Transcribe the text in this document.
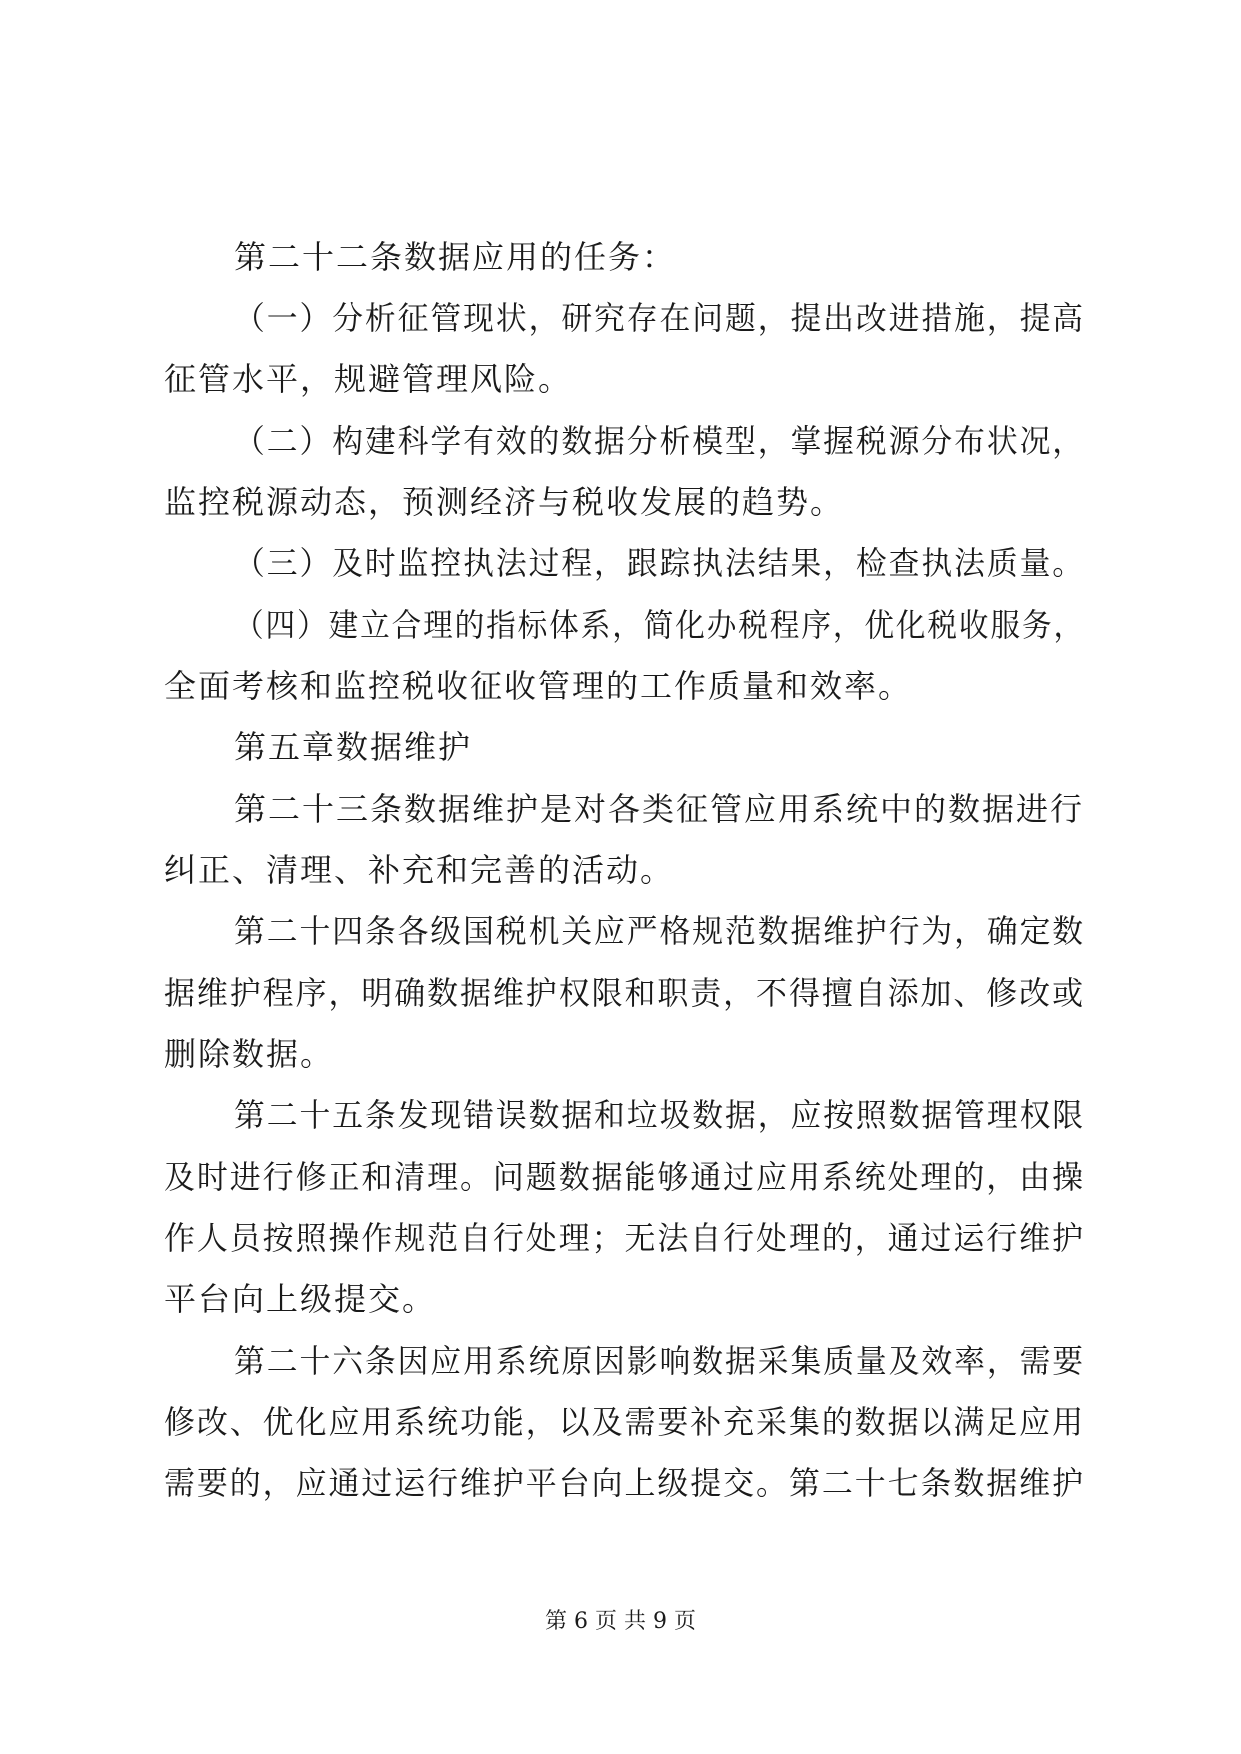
第二十二条数据应用的任务：
（一）分析征管现状，研究存在问题，提出改进措施，提高
征管水平，规避管理风险。
（二）构建科学有效的数据分析模型，掌握税源分布状况，
监控税源动态，预测经济与税收发展的趋势。
（三）及时监控执法过程，跟踪执法结果，检查执法质量。
（四）建立合理的指标体系，简化办税程序，优化税收服务，
全面考核和监控税收征收管理的工作质量和效率。
第五章数据维护
第二十三条数据维护是对各类征管应用系统中的数据进行
纠正、清理、补充和完善的活动。
第二十四条各级国税机关应严格规范数据维护行为，确定数
据维护程序，明确数据维护权限和职责，不得擅自添加、修改或
删除数据。
第二十五条发现错误数据和垃圾数据，应按照数据管理权限
及时进行修正和清理。问题数据能够通过应用系统处理的，由操
作人员按照操作规范自行处理；无法自行处理的，通过运行维护
平台向上级提交。
第二十六条因应用系统原因影响数据采集质量及效率，需要
修改、优化应用系统功能，以及需要补充采集的数据以满足应用
需要的，应通过运行维护平台向上级提交。第二十七条数据维护
第 6 页 共 9 页
